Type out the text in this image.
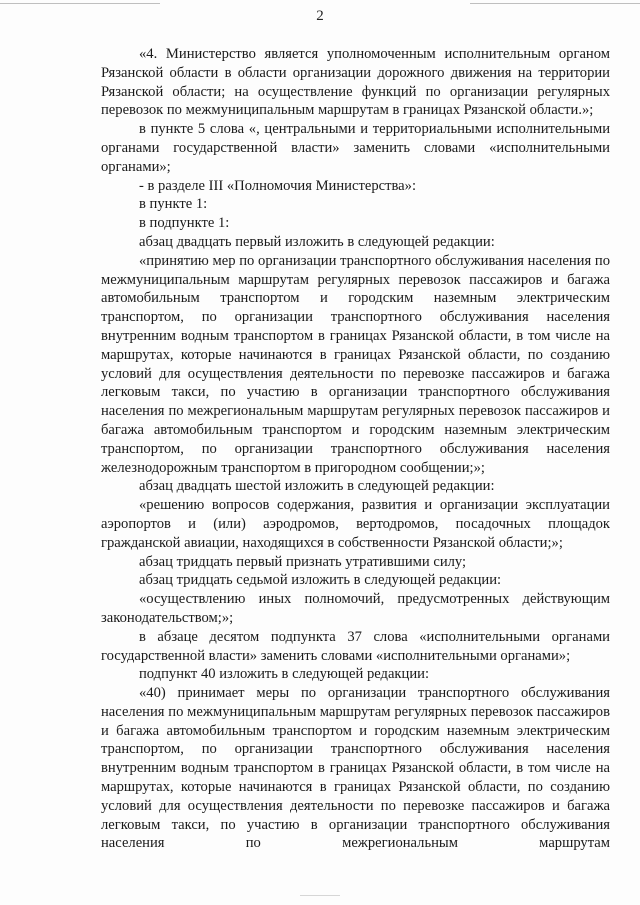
2

«4. Министерство является уполномоченным исполнительным органом Рязанской области в области организации дорожного движения на территории Рязанской области; на осуществление функций по организации регулярных перевозок по межмуниципальным маршрутам в границах Рязанской области.»;

в пункте 5 слова «, центральными и территориальными исполнительными органами государственной власти» заменить словами «исполнительными органами»;

- в разделе III «Полномочия Министерства»:

в пункте 1:

в подпункте 1:

абзац двадцать первый изложить в следующей редакции:

«принятию мер по организации транспортного обслуживания населения по межмуниципальным маршрутам регулярных перевозок пассажиров и багажа автомобильным транспортом и городским наземным электрическим транспортом, по организации транспортного обслуживания населения внутренним водным транспортом в границах Рязанской области, в том числе на маршрутах, которые начинаются в границах Рязанской области, по созданию условий для осуществления деятельности по перевозке пассажиров и багажа легковым такси, по участию в организации транспортного обслуживания населения по межрегиональным маршрутам регулярных перевозок пассажиров и багажа автомобильным транспортом и городским наземным электрическим транспортом, по организации транспортного обслуживания населения железнодорожным транспортом в пригородном сообщении;»;

абзац двадцать шестой изложить в следующей редакции:

«решению вопросов содержания, развития и организации эксплуатации аэропортов и (или) аэродромов, вертодромов, посадочных площадок гражданской авиации, находящихся в собственности Рязанской области;»;

абзац тридцать первый признать утратившими силу;

абзац тридцать седьмой изложить в следующей редакции:

«осуществлению иных полномочий, предусмотренных действующим законодательством;»;

в абзаце десятом подпункта 37 слова «исполнительными органами государственной власти» заменить словами «исполнительными органами»;

подпункт 40 изложить в следующей редакции:

«40) принимает меры по организации транспортного обслуживания населения по межмуниципальным маршрутам регулярных перевозок пассажиров и багажа автомобильным транспортом и городским наземным электрическим транспортом, по организации транспортного обслуживания населения внутренним водным транспортом в границах Рязанской области, в том числе на маршрутах, которые начинаются в границах Рязанской области, по созданию условий для осуществления деятельности по перевозке пассажиров и багажа легковым такси, по участию в организации транспортного обслуживания населения по межрегиональным маршрутам
